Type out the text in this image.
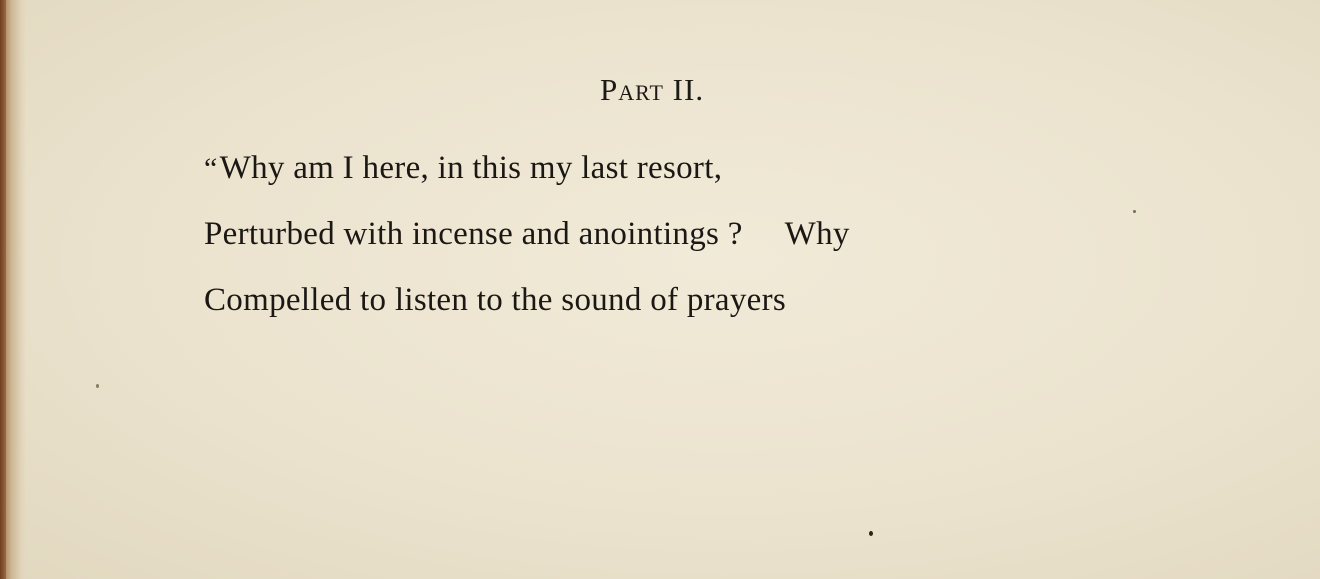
Part II.
“Why am I here, in this my last resort,
Perturbed with incense and anointings ? Why
Compelled to listen to the sound of prayers
